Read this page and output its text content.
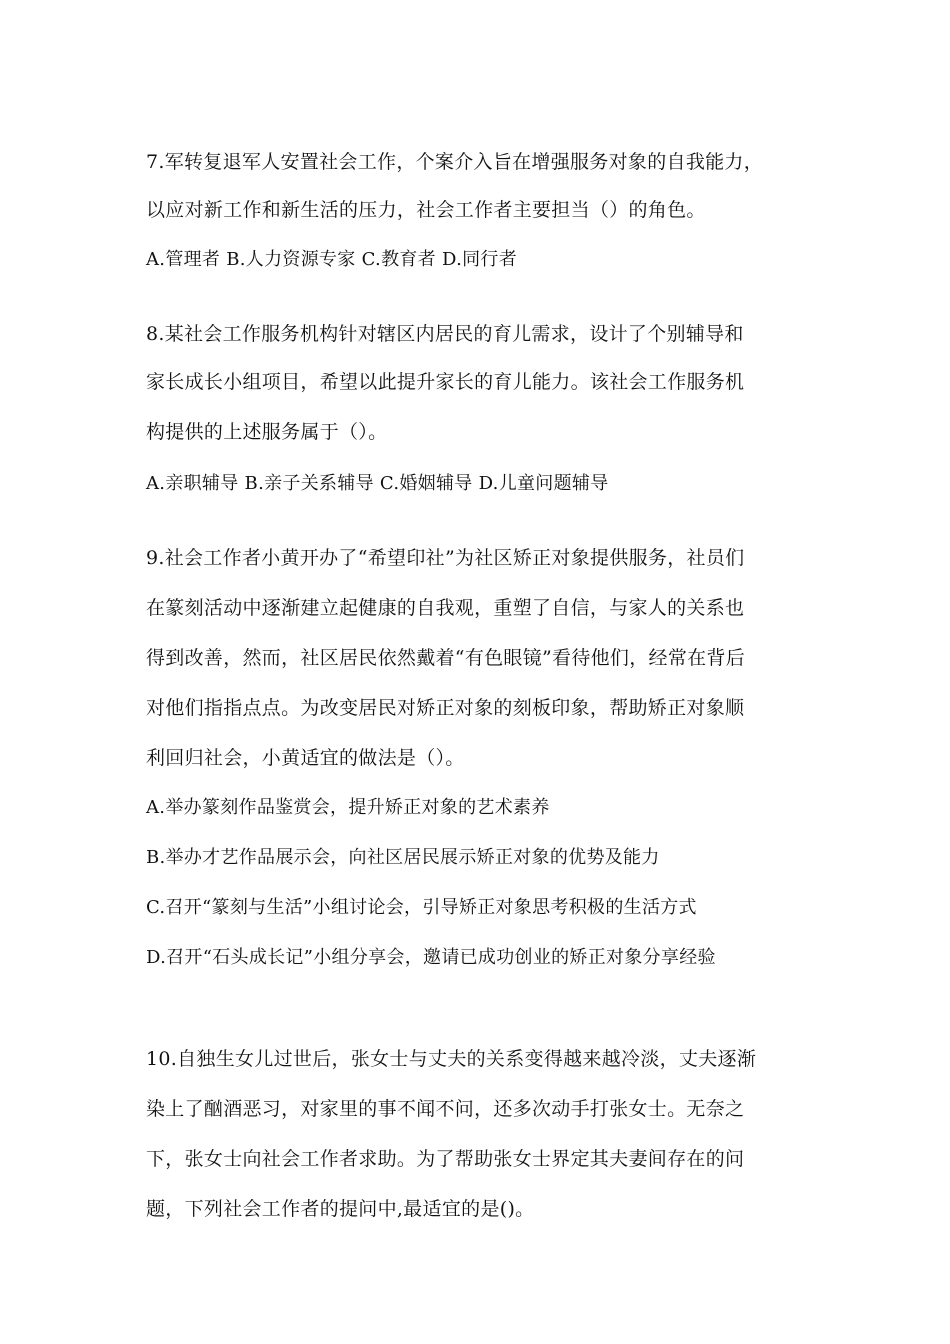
7.军转复退军人安置社会工作，个案介入旨在增强服务对象的自我能力，
以应对新工作和新生活的压力，社会工作者主要担当（）的角色。
A.管理者 B.人力资源专家 C.教育者 D.同行者
8.某社会工作服务机构针对辖区内居民的育儿需求，设计了个别辅导和
家长成长小组项目，希望以此提升家长的育儿能力。该社会工作服务机
构提供的上述服务属于（）。
A.亲职辅导 B.亲子关系辅导 C.婚姻辅导 D.儿童问题辅导
9.社会工作者小黄开办了“希望印社”为社区矫正对象提供服务，社员们
在篆刻活动中逐渐建立起健康的自我观，重塑了自信，与家人的关系也
得到改善，然而，社区居民依然戴着“有色眼镜”看待他们，经常在背后
对他们指指点点。为改变居民对矫正对象的刻板印象，帮助矫正对象顺
利回归社会，小黄适宜的做法是（）。
A.举办篆刻作品鉴赏会，提升矫正对象的艺术素养
B.举办才艺作品展示会，向社区居民展示矫正对象的优势及能力
C.召开“篆刻与生活”小组讨论会，引导矫正对象思考积极的生活方式
D.召开“石头成长记”小组分享会，邀请已成功创业的矫正对象分享经验
10.自独生女儿过世后，张女士与丈夫的关系变得越来越冷淡，丈夫逐渐
染上了酗酒恶习，对家里的事不闻不问，还多次动手打张女士。无奈之
下，张女士向社会工作者求助。为了帮助张女士界定其夫妻间存在的问
题，下列社会工作者的提问中,最适宜的是()。
